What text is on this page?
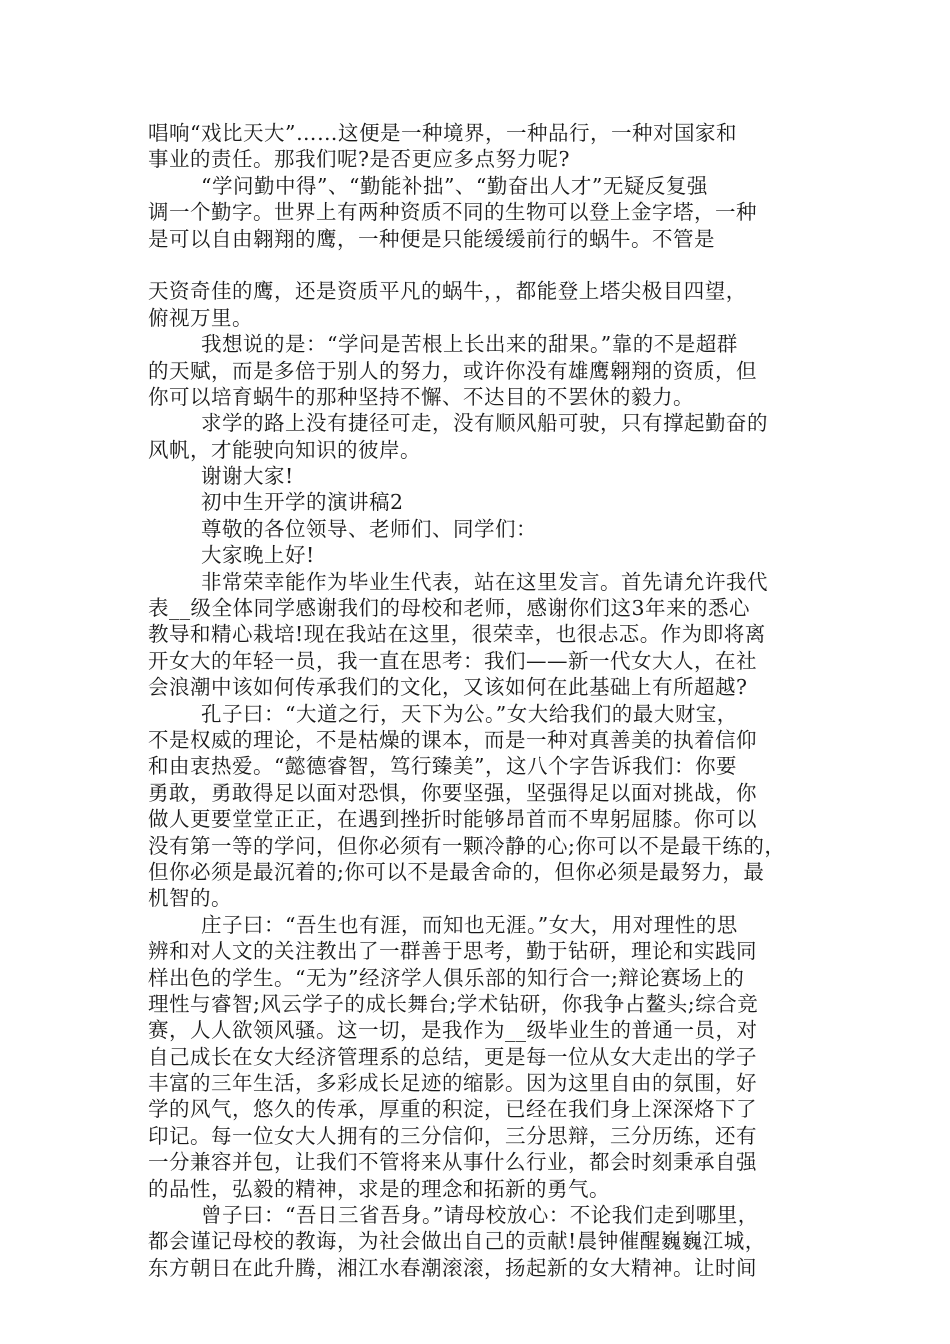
唱响“戏比天大”……这便是一种境界，一种品行，一种对国家和
事业的责任。那我们呢?是否更应多点努力呢?
“学问勤中得”、“勤能补拙”、“勤奋出人才”无疑反复强
调一个勤字。世界上有两种资质不同的生物可以登上金字塔，一种
是可以自由翱翔的鹰，一种便是只能缓缓前行的蜗牛。不管是
天资奇佳的鹰，还是资质平凡的蜗牛，，都能登上塔尖极目四望，
俯视万里。
我想说的是：“学问是苦根上长出来的甜果。”靠的不是超群
的天赋，而是多倍于别人的努力，或许你没有雄鹰翱翔的资质，但
你可以培育蜗牛的那种坚持不懈、不达目的不罢休的毅力。
求学的路上没有捷径可走，没有顺风船可驶，只有撑起勤奋的
风帆，才能驶向知识的彼岸。
谢谢大家!
初中生开学的演讲稿2
尊敬的各位领导、老师们、同学们：
大家晚上好!
非常荣幸能作为毕业生代表，站在这里发言。首先请允许我代
表__级全体同学感谢我们的母校和老师，感谢你们这3年来的悉心
教导和精心栽培!现在我站在这里，很荣幸，也很忐忑。作为即将离
开女大的年轻一员，我一直在思考：我们——新一代女大人，在社
会浪潮中该如何传承我们的文化，又该如何在此基础上有所超越?
孔子曰：“大道之行，天下为公。”女大给我们的最大财宝，
不是权威的理论，不是枯燥的课本，而是一种对真善美的执着信仰
和由衷热爱。“懿德睿智，笃行臻美”，这八个字告诉我们：你要
勇敢，勇敢得足以面对恐惧，你要坚强，坚强得足以面对挑战，你
做人更要堂堂正正，在遇到挫折时能够昂首而不卑躬屈膝。你可以
没有第一等的学问，但你必须有一颗冷静的心;你可以不是最干练的，
但你必须是最沉着的;你可以不是最舍命的，但你必须是最努力，最
机智的。
庄子曰：“吾生也有涯，而知也无涯。”女大，用对理性的思
辨和对人文的关注教出了一群善于思考，勤于钻研，理论和实践同
样出色的学生。“无为”经济学人俱乐部的知行合一;辩论赛场上的
理性与睿智;风云学子的成长舞台;学术钻研，你我争占鳌头;综合竞
赛，人人欲领风骚。这一切，是我作为__级毕业生的普通一员，对
自己成长在女大经济管理系的总结，更是每一位从女大走出的学子
丰富的三年生活，多彩成长足迹的缩影。因为这里自由的氛围，好
学的风气，悠久的传承，厚重的积淀，已经在我们身上深深烙下了
印记。每一位女大人拥有的三分信仰，三分思辩，三分历练，还有
一分兼容并包，让我们不管将来从事什么行业，都会时刻秉承自强
的品性，弘毅的精神，求是的理念和拓新的勇气。
曾子曰：“吾日三省吾身。”请母校放心：不论我们走到哪里，
都会谨记母校的教诲，为社会做出自己的贡献!晨钟催醒巍巍江城，
东方朝日在此升腾，湘江水春潮滚滚，扬起新的女大精神。让时间
